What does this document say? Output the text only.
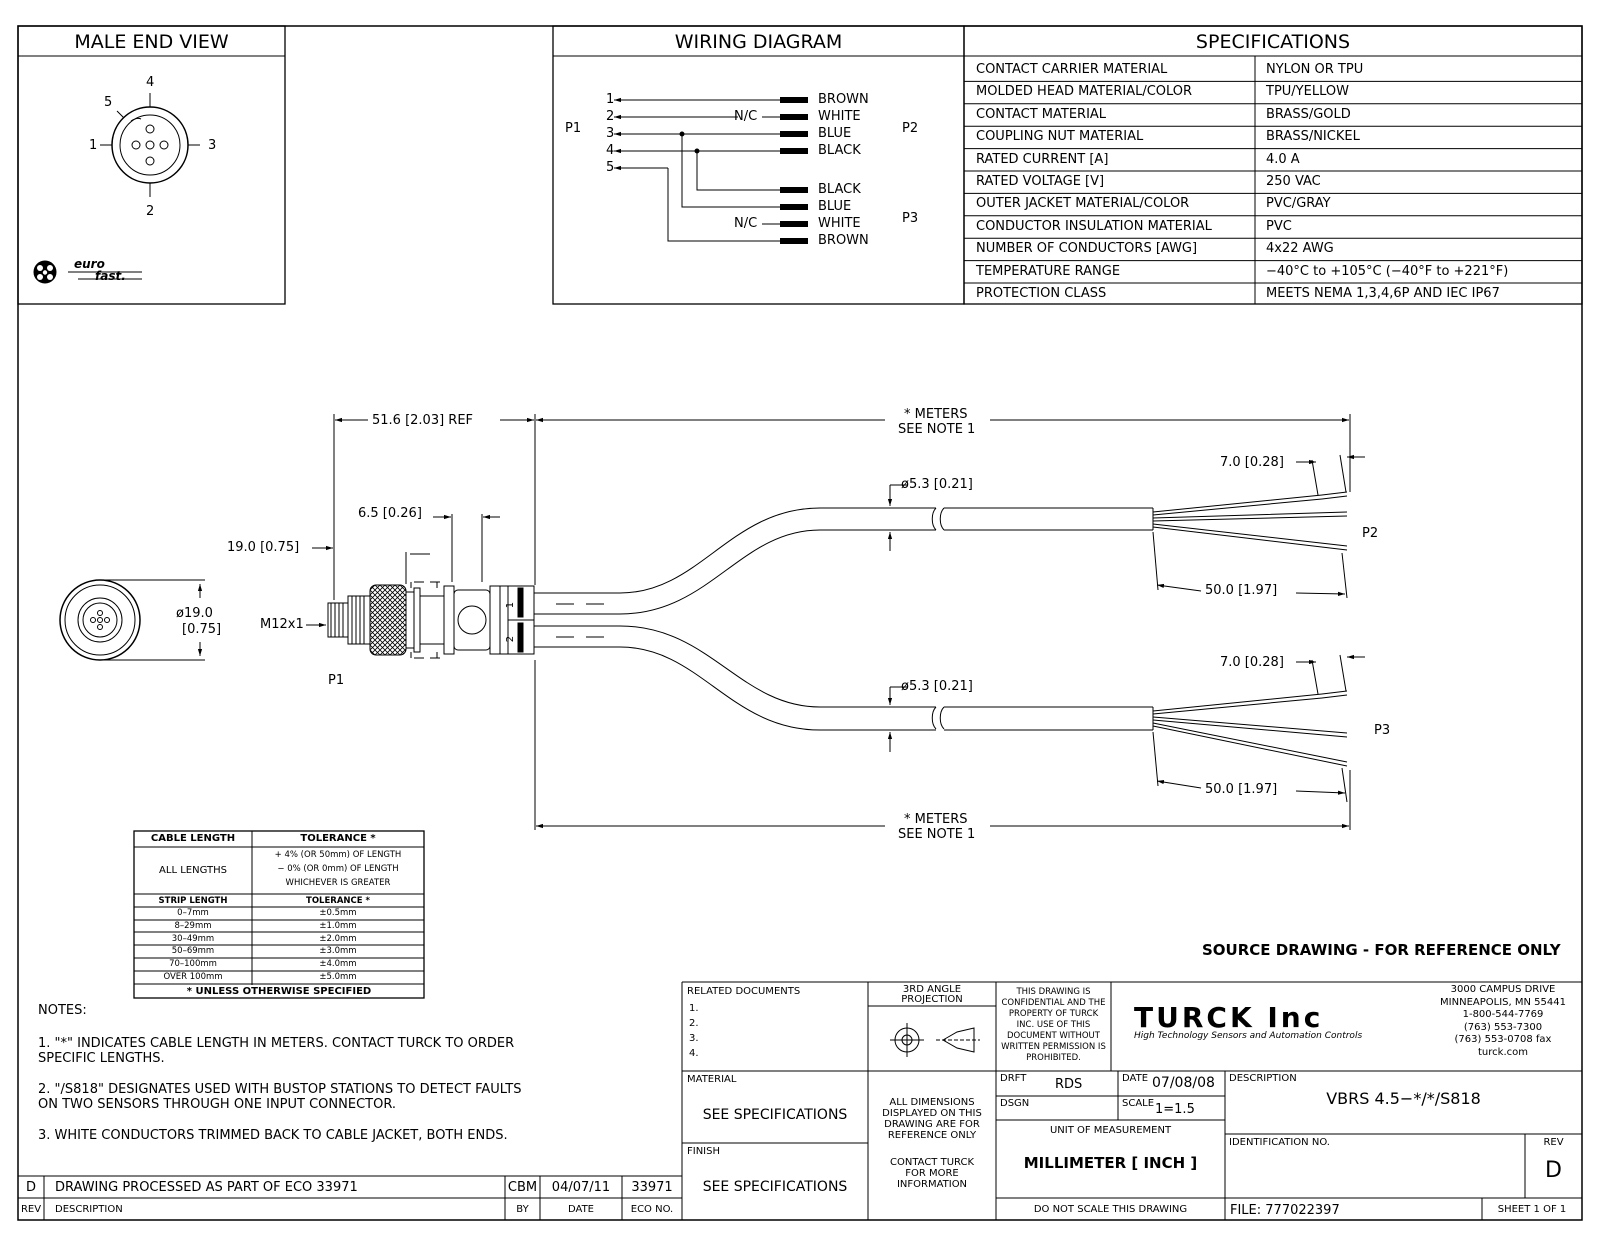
TURCK Inc
MALE END VIEW	WIRING DIAGRAM	SPECIFICATIONS
4
5
1	3
2
euro
fast.
P1	P2
P3
1
2
3
4
5
N/C
N/C
BROWN
WHITE
BLUE
BLACK
BLACK
BLUE
WHITE
BROWN
CONTACT CARRIER MATERIAL	NYLON OR TPU
MOLDED HEAD MATERIAL/COLOR	TPU/YELLOW
CONTACT MATERIAL	BRASS/GOLD
COUPLING NUT MATERIAL	BRASS/NICKEL
RATED CURRENT [A]	4.0 A
RATED VOLTAGE [V]	250 VAC
OUTER JACKET MATERIAL/COLOR	PVC/GRAY
CONDUCTOR INSULATION MATERIAL	PVC
NUMBER OF CONDUCTORS [AWG]	4x22 AWG
TEMPERATURE RANGE	−40°C to +105°C (−40°F to +221°F)
PROTECTION CLASS	MEETS NEMA 1,3,4,6P AND IEC IP67
51.6 [2.03] REF	* METERS
SEE NOTE 1
6.5 [0.26]
19.0 [0.75]
M12x1
ø19.0
[0.75]
P1
ø5.3 [0.21]
ø5.3 [0.21]
7.0 [0.28]
7.0 [0.28]
50.0 [1.97]
50.0 [1.97]
P2
P3
* METERS
SEE NOTE 1
1
2
CABLE LENGTH	TOLERANCE *
ALL LENGTHS
+ 4% (OR 50mm) OF LENGTH
− 0% (OR 0mm) OF LENGTH
WHICHEVER IS GREATER
STRIP LENGTH	TOLERANCE *
0–7mm	±0.5mm
8–29mm	±1.0mm
30–49mm	±2.0mm
50–69mm	±3.0mm
70–100mm	±4.0mm
OVER 100mm	±5.0mm
* UNLESS OTHERWISE SPECIFIED
NOTES:
1. "*" INDICATES CABLE LENGTH IN METERS. CONTACT TURCK TO ORDER
SPECIFIC LENGTHS.
2. "/S818" DESIGNATES USED WITH BUSTOP STATIONS TO DETECT FAULTS
ON TWO SENSORS THROUGH ONE INPUT CONNECTOR.
3. WHITE CONDUCTORS TRIMMED BACK TO CABLE JACKET, BOTH ENDS.
SOURCE DRAWING - FOR REFERENCE ONLY
D	DRAWING PROCESSED AS PART OF ECO 33971	CBM	04/07/11	33971
REV DESCRIPTION	BY	DATE	ECO NO.
RELATED DOCUMENTS
1.
2.
3.
4.
3RD ANGLE
PROJECTION
THIS DRAWING IS
CONFIDENTIAL AND THE
PROPERTY OF TURCK
INC. USE OF THIS
DOCUMENT WITHOUT
WRITTEN PERMISSION IS
PROHIBITED.
High Technology Sensors and Automation Controls
3000 CAMPUS DRIVE
MINNEAPOLIS, MN 55441
1-800-544-7769
(763) 553-7300
(763) 553-0708 fax
turck.com
MATERIAL
SEE SPECIFICATIONS
FINISH
SEE SPECIFICATIONS
ALL DIMENSIONS
DISPLAYED ON THIS
DRAWING ARE FOR
REFERENCE ONLY
CONTACT TURCK
FOR MORE
INFORMATION
DRFT RDS	DATE 07/08/08
DSGN	SCALE 1=1.5
UNIT OF MEASUREMENT
MILLIMETER [ INCH ]
DO NOT SCALE THIS DRAWING
DESCRIPTION
VBRS 4.5−*/*/S818
IDENTIFICATION NO.	REV
D
FILE: 777022397	SHEET 1 OF 1
